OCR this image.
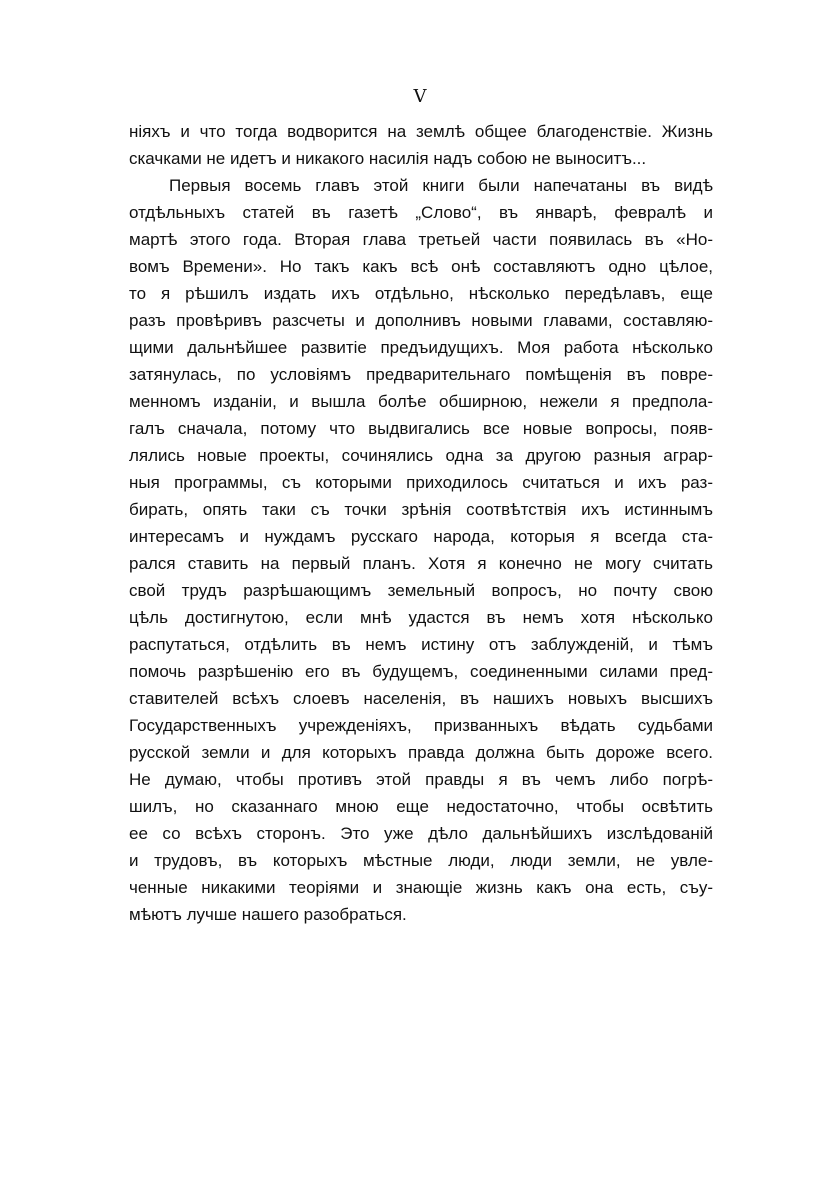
V
ніяхъ и что тогда водворится на землѣ общее благоденствіе. Жизнь
скачками не идетъ и никакого насилія надъ собою не выноситъ...
Первыя восемь главъ этой книги были напечатаны въ видѣ
отдѣльныхъ статей въ газетѣ „Слово“, въ январѣ, февралѣ и
мартѣ этого года. Вторая глава третьей части появилась въ «Но-
вомъ Времени». Но такъ какъ всѣ онѣ составляютъ одно цѣлое,
то я рѣшилъ издать ихъ отдѣльно, нѣсколько передѣлавъ, еще
разъ провѣривъ разсчеты и дополнивъ новыми главами, составляю-
щими дальнѣйшее развитіе предъидущихъ. Моя работа нѣсколько
затянулась, по условіямъ предварительнаго помѣщенія въ повре-
менномъ изданіи, и вышла болѣе обширною, нежели я предпола-
галъ сначала, потому что выдвигались все новые вопросы, появ-
лялись новые проекты, сочинялись одна за другою разныя аграр-
ныя программы, съ которыми приходилось считаться и ихъ раз-
бирать, опять таки съ точки зрѣнія соотвѣтствія ихъ истиннымъ
интересамъ и нуждамъ русскаго народа, которыя я всегда ста-
рался ставить на первый планъ. Хотя я конечно не могу считать
свой трудъ разрѣшающимъ земельный вопросъ, но почту свою
цѣль достигнутою, если мнѣ удастся въ немъ хотя нѣсколько
распутаться, отдѣлить въ немъ истину отъ заблужденій, и тѣмъ
помочь разрѣшенію его въ будущемъ, соединенными силами пред-
ставителей всѣхъ слоевъ населенія, въ нашихъ новыхъ высшихъ
Государственныхъ учрежденіяхъ, призванныхъ вѣдать судьбами
русской земли и для которыхъ правда должна быть дороже всего.
Не думаю, чтобы противъ этой правды я въ чемъ либо погрѣ-
шилъ, но сказаннаго мною еще недостаточно, чтобы освѣтить
ее со всѣхъ сторонъ. Это уже дѣло дальнѣйшихъ изслѣдованій
и трудовъ, въ которыхъ мѣстные люди, люди земли, не увле-
ченные никакими теоріями и знающіе жизнь какъ она есть, съу-
мѣютъ лучше нашего разобраться.
